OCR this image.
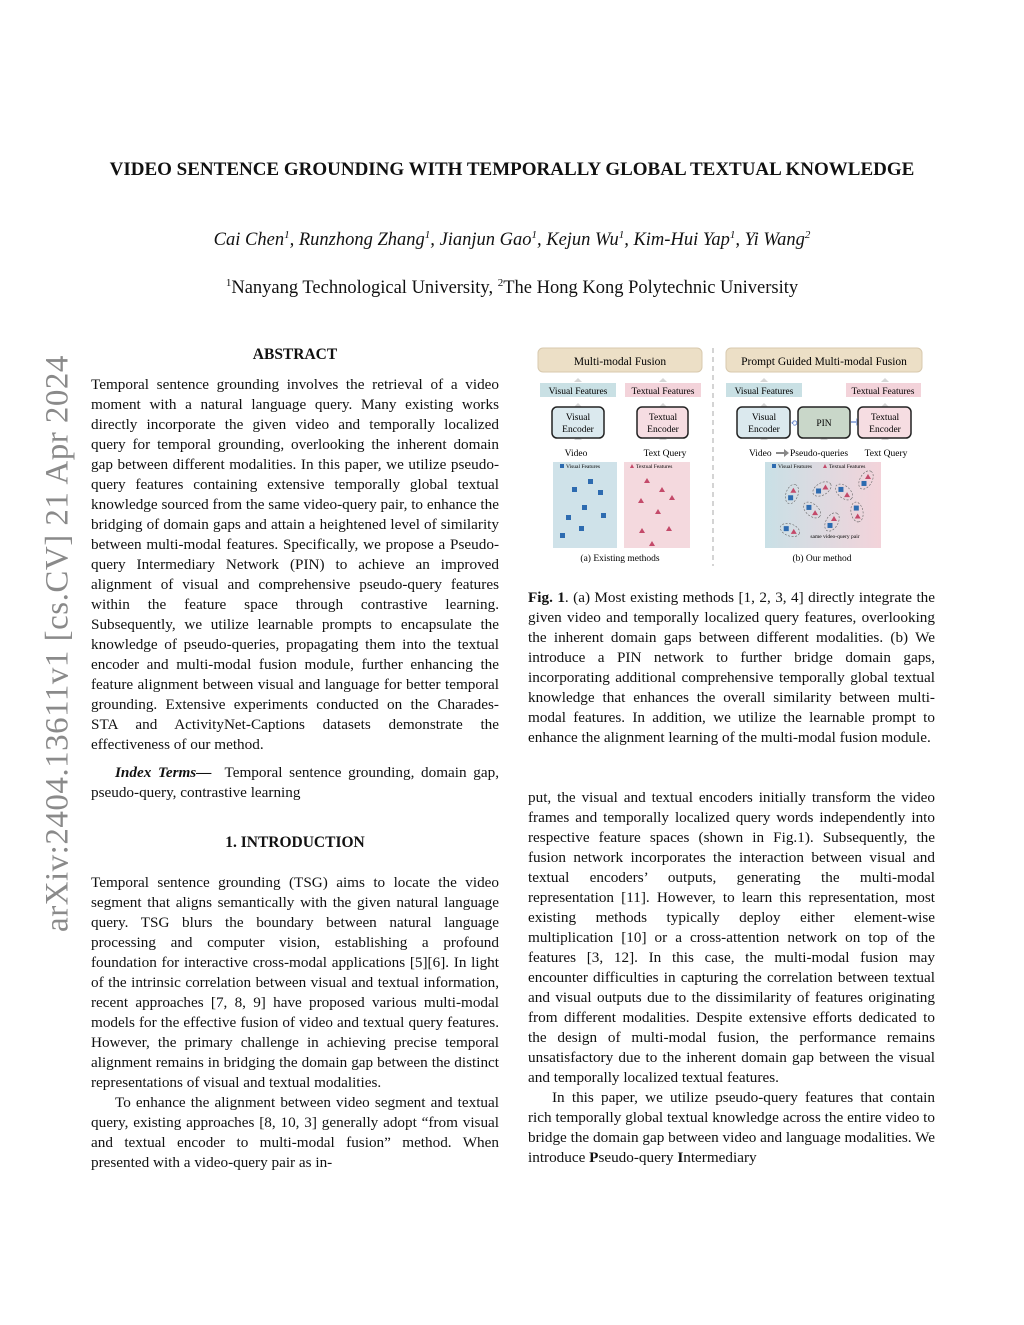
arXiv:2404.13611v1 [cs.CV] 21 Apr 2024
VIDEO SENTENCE GROUNDING WITH TEMPORALLY GLOBAL TEXTUAL KNOWLEDGE
Cai Chen$^1$, Runzhong Zhang$^1$, Jianjun Gao$^1$, Kejun Wu$^1$, Kim-Hui Yap$^1$, Yi Wang$^2$
$^1$Nanyang Technological University, $^2$The Hong Kong Polytechnic University
ABSTRACT

Temporal sentence grounding involves the retrieval of a video moment with a natural language query. Many existing works directly incorporate the given video and temporally localized query for temporal grounding, overlooking the inherent domain gap between different modalities. In this paper, we utilize pseudo-query features containing extensive temporally global textual knowledge sourced from the same video-query pair, to enhance the bridging of domain gaps and attain a heightened level of similarity between multi-modal features. Specifically, we propose a Pseudo-query Intermediary Network (PIN) to achieve an improved alignment of visual and comprehensive pseudo-query features within the feature space through contrastive learning. Subsequently, we utilize learnable prompts to encapsulate the knowledge of pseudo-queries, propagating them into the textual encoder and multi-modal fusion module, further enhancing the feature alignment between visual and language for better temporal grounding. Extensive experiments conducted on the Charades-STA and ActivityNet-Captions datasets demonstrate the effectiveness of our method.

Index Terms— Temporal sentence grounding, domain gap, pseudo-query, contrastive learning

1. INTRODUCTION

Temporal sentence grounding (TSG) aims to locate the video segment that aligns semantically with the given natural language query. TSG blurs the boundary between natural language processing and computer vision, establishing a profound foundation for interactive cross-modal applications [5][6]. In light of the intrinsic correlation between visual and textual information, recent approaches [7, 8, 9] have proposed various multi-modal models for the effective fusion of video and textual query features. However, the primary challenge in achieving precise temporal alignment remains in bridging the domain gap between the distinct representations of visual and textual modalities.

To enhance the alignment between video segment and textual query, existing approaches [8, 10, 3] generally adopt “from visual and textual encoder to multi-modal fusion” method. When presented with a video-query pair as in-

Multi-modal Fusion
Visual Features	Textual Features
Visual
Encoder
Textual
Encoder
Video	Text Query
Visual Features	Textual Features
(a) Existing methods
Prompt Guided Multi-modal Fusion
Visual Features	Textual Features
Visual
Encoder
PIN
⟲	Textual
Encoder
Video Pseudo-queries Text Query
Visual Features	Textual Features
same video-query pair
(b) Our method

Fig. 1. (a) Most existing methods [1, 2, 3, 4] directly integrate the given video and temporally localized query features, overlooking the inherent domain gaps between different modalities. (b) We introduce a PIN network to further bridge domain gaps, incorporating additional comprehensive temporally global textual knowledge that enhances the overall similarity between multi-modal features. In addition, we utilize the learnable prompt to enhance the alignment learning of the multi-modal fusion module.

put, the visual and textual encoders initially transform the video frames and temporally localized query words independently into respective feature spaces (shown in Fig.1). Subsequently, the fusion network incorporates the interaction between visual and textual encoders’ outputs, generating the multi-modal representation [11]. However, to learn this representation, most existing methods typically deploy either element-wise multiplication [10] or a cross-attention network on top of the features [3, 12]. In this case, the multi-modal fusion may encounter difficulties in capturing the correlation between textual and visual outputs due to the dissimilarity of features originating from different modalities. Despite extensive efforts dedicated to the design of multi-modal fusion, the performance remains unsatisfactory due to the inherent domain gap between the visual and temporally localized textual features.

In this paper, we utilize pseudo-query features that contain rich temporally global textual knowledge across the entire video to bridge the domain gap between video and language modalities. We introduce Pseudo-query Intermediary
